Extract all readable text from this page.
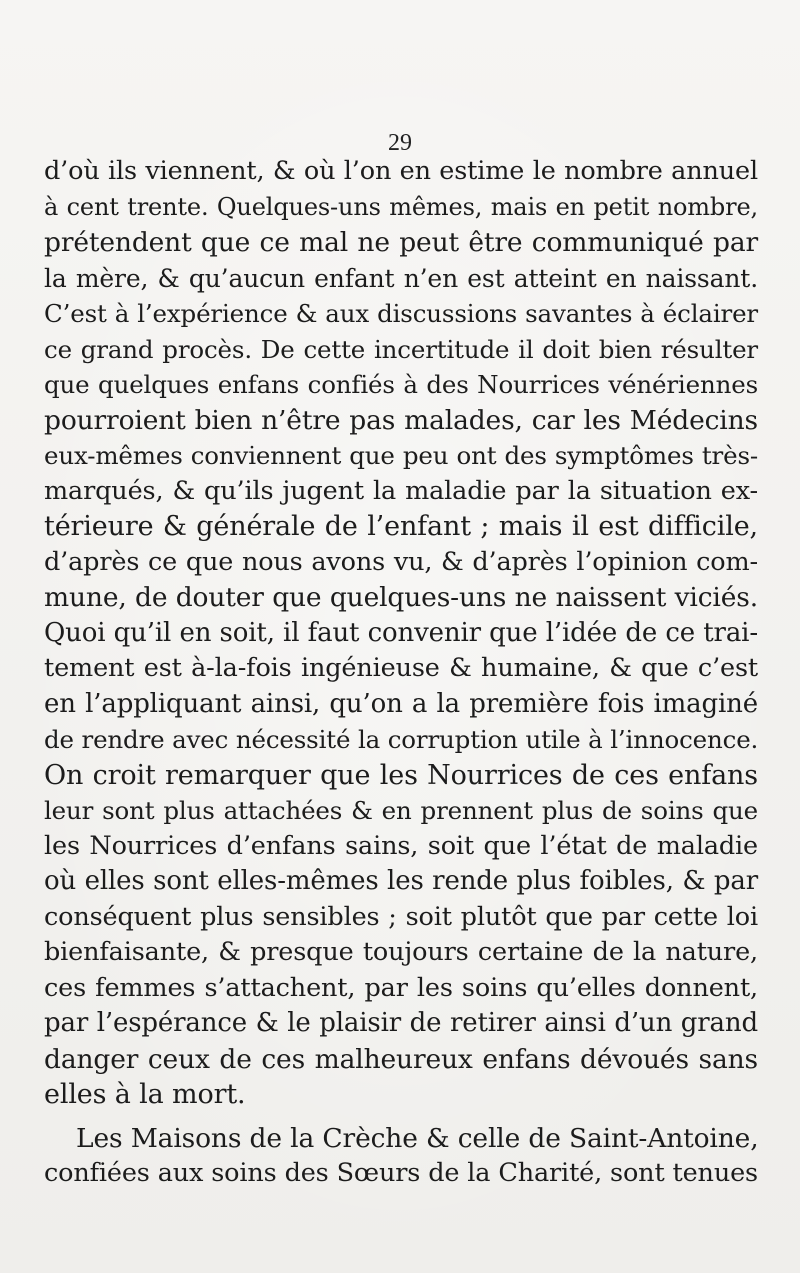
29
d’où ils viennent, & où l’on en estime le nombre annuel
à cent trente. Quelques-uns mêmes, mais en petit nombre,
prétendent que ce mal ne peut être communiqué par
la mère, & qu’aucun enfant n’en est atteint en naissant.
C’est à l’expérience & aux discussions savantes à éclairer
ce grand procès. De cette incertitude il doit bien résulter
que quelques enfans confiés à des Nourrices vénériennes
pourroient bien n’être pas malades, car les Médecins
eux-mêmes conviennent que peu ont des symptômes très-
marqués, & qu’ils jugent la maladie par la situation ex-
térieure & générale de l’enfant ; mais il est difficile,
d’après ce que nous avons vu, & d’après l’opinion com-
mune, de douter que quelques-uns ne naissent viciés.
Quoi qu’il en soit, il faut convenir que l’idée de ce trai-
tement est à-la-fois ingénieuse & humaine, & que c’est
en l’appliquant ainsi, qu’on a la première fois imaginé
de rendre avec nécessité la corruption utile à l’innocence.
On croit remarquer que les Nourrices de ces enfans
leur sont plus attachées & en prennent plus de soins que
les Nourrices d’enfans sains, soit que l’état de maladie
où elles sont elles-mêmes les rende plus foibles, & par
conséquent plus sensibles ; soit plutôt que par cette loi
bienfaisante, & presque toujours certaine de la nature,
ces femmes s’attachent, par les soins qu’elles donnent,
par l’espérance & le plaisir de retirer ainsi d’un grand
danger ceux de ces malheureux enfans dévoués sans
elles à la mort.
Les Maisons de la Crèche & celle de Saint-Antoine,
confiées aux soins des Sœurs de la Charité, sont tenues
